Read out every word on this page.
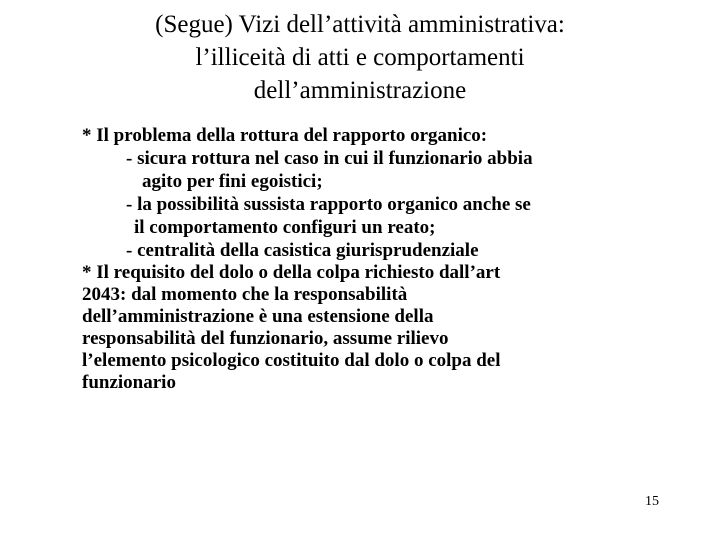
(Segue) Vizi dell’attività amministrativa:
l’illiceità di atti e comportamenti
dell’amministrazione
* Il problema della rottura del rapporto organico:
- sicura rottura nel caso in cui il funzionario abbia
agito per fini egoistici;
- la possibilità sussista rapporto organico anche se
il comportamento configuri un reato;
- centralità della casistica giurisprudenziale
* Il requisito del dolo o della colpa richiesto dall’art
2043: dal momento che la responsabilità
dell’amministrazione è una estensione della
responsabilità del funzionario, assume rilievo
l’elemento psicologico costituito dal dolo o colpa del
funzionario
15
